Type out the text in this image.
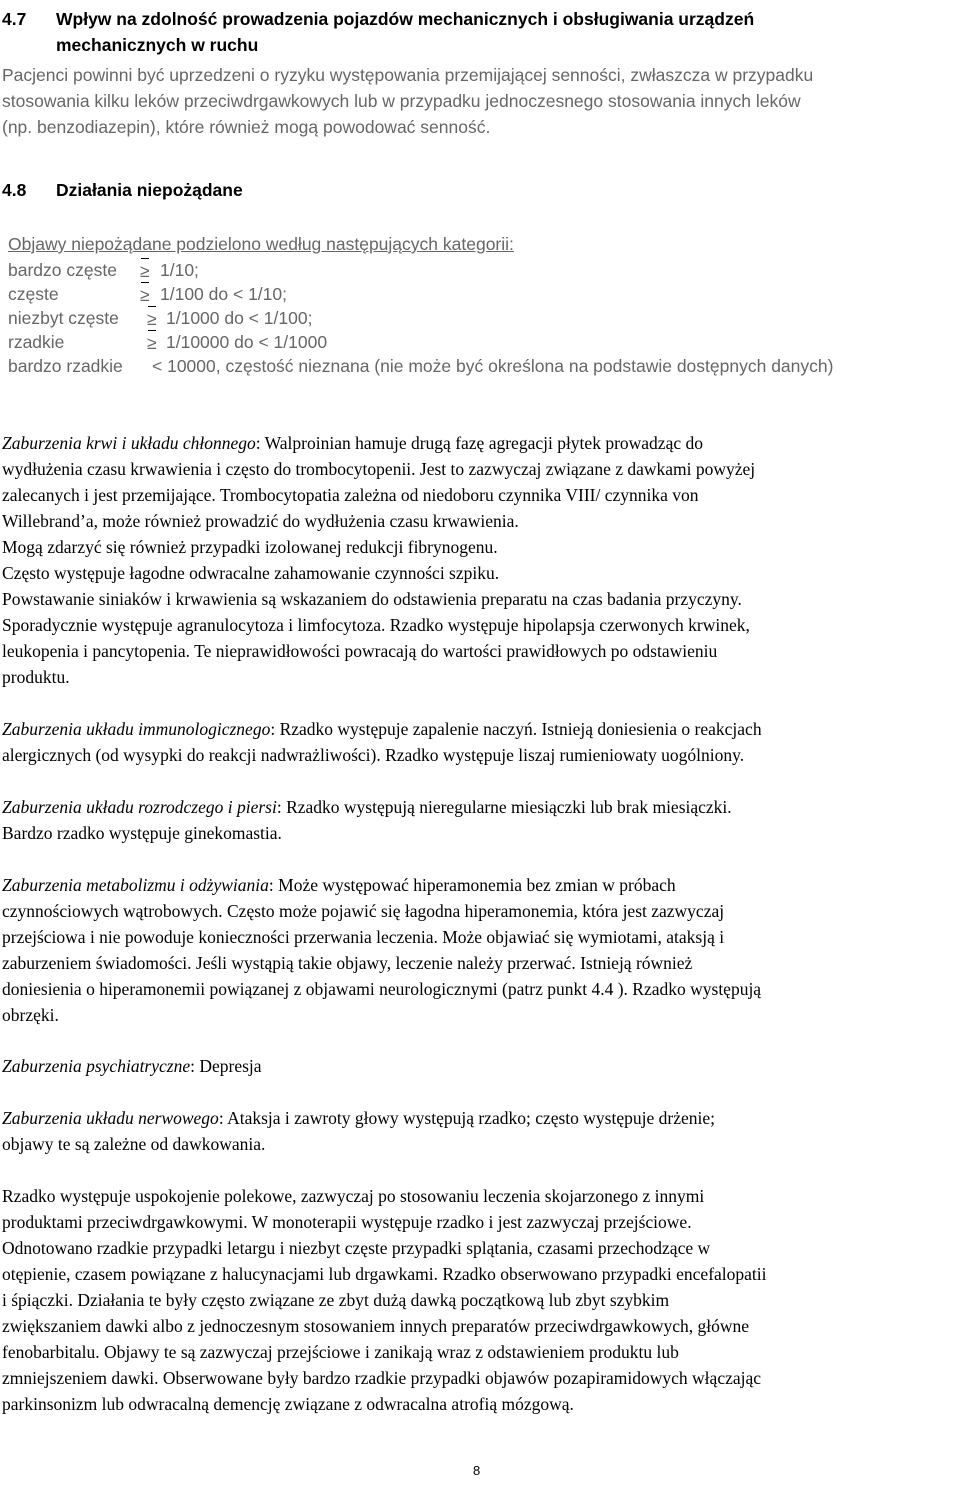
4.7 Wpływ na zdolność prowadzenia pojazdów mechanicznych i obsługiwania urządzeń
mechanicznych w ruchu
Pacjenci powinni być uprzedzeni o ryzyku występowania przemijającej senności, zwłaszcza w przypadku
stosowania kilku leków przeciwdrgawkowych lub w przypadku jednoczesnego stosowania innych leków
(np. benzodiazepin), które również mogą powodować senność.
4.8 Działania niepożądane
Objawy niepożądane podzielono według następujących kategorii:
bardzo częste ≥ 1/10;
częste	≥ 1/100 do < 1/10;
niezbyt częste ≥ 1/1000 do < 1/100;
rzadkie	≥ 1/10000 do < 1/1000
bardzo rzadkie < 10000, częstość nieznana (nie może być określona na podstawie dostępnych danych)
Zaburzenia krwi i układu chłonnego: Walproinian hamuje drugą fazę agregacji płytek prowadząc do
wydłużenia czasu krwawienia i często do trombocytopenii. Jest to zazwyczaj związane z dawkami powyżej
zalecanych i jest przemijające. Trombocytopatia zależna od niedoboru czynnika VIII/ czynnika von
Willebrand’a, może również prowadzić do wydłużenia czasu krwawienia.
Mogą zdarzyć się również przypadki izolowanej redukcji fibrynogenu.
Często występuje łagodne odwracalne zahamowanie czynności szpiku.
Powstawanie siniaków i krwawienia są wskazaniem do odstawienia preparatu na czas badania przyczyny.
Sporadycznie występuje agranulocytoza i limfocytoza. Rzadko występuje hipolapsja czerwonych krwinek,
leukopenia i pancytopenia. Te nieprawidłowości powracają do wartości prawidłowych po odstawieniu
produktu.
Zaburzenia układu immunologicznego: Rzadko występuje zapalenie naczyń. Istnieją doniesienia o reakcjach
alergicznych (od wysypki do reakcji nadwrażliwości). Rzadko występuje liszaj rumieniowaty uogólniony.
Zaburzenia układu rozrodczego i piersi: Rzadko występują nieregularne miesiączki lub brak miesiączki.
Bardzo rzadko występuje ginekomastia.
Zaburzenia metabolizmu i odżywiania: Może występować hiperamonemia bez zmian w próbach
czynnościowych wątrobowych. Często może pojawić się łagodna hiperamonemia, która jest zazwyczaj
przejściowa i nie powoduje konieczności przerwania leczenia. Może objawiać się wymiotami, ataksją i
zaburzeniem świadomości. Jeśli wystąpią takie objawy, leczenie należy przerwać. Istnieją również
doniesienia o hiperamonemii powiązanej z objawami neurologicznymi (patrz punkt 4.4 ). Rzadko występują
obrzęki.
Zaburzenia psychiatryczne: Depresja
Zaburzenia układu nerwowego: Ataksja i zawroty głowy występują rzadko; często występuje drżenie;
objawy te są zależne od dawkowania.
Rzadko występuje uspokojenie polekowe, zazwyczaj po stosowaniu leczenia skojarzonego z innymi
produktami przeciwdrgawkowymi. W monoterapii występuje rzadko i jest zazwyczaj przejściowe.
Odnotowano rzadkie przypadki letargu i niezbyt częste przypadki splątania, czasami przechodzące w
otępienie, czasem powiązane z halucynacjami lub drgawkami. Rzadko obserwowano przypadki encefalopatii
i śpiączki. Działania te były często związane ze zbyt dużą dawką początkową lub zbyt szybkim
zwiększaniem dawki albo z jednoczesnym stosowaniem innych preparatów przeciwdrgawkowych, główne
fenobarbitalu. Objawy te są zazwyczaj przejściowe i zanikają wraz z odstawieniem produktu lub
zmniejszeniem dawki. Obserwowane były bardzo rzadkie przypadki objawów pozapiramidowych włączając
parkinsonizm lub odwracalną demencję związane z odwracalna atrofią mózgową.
8
